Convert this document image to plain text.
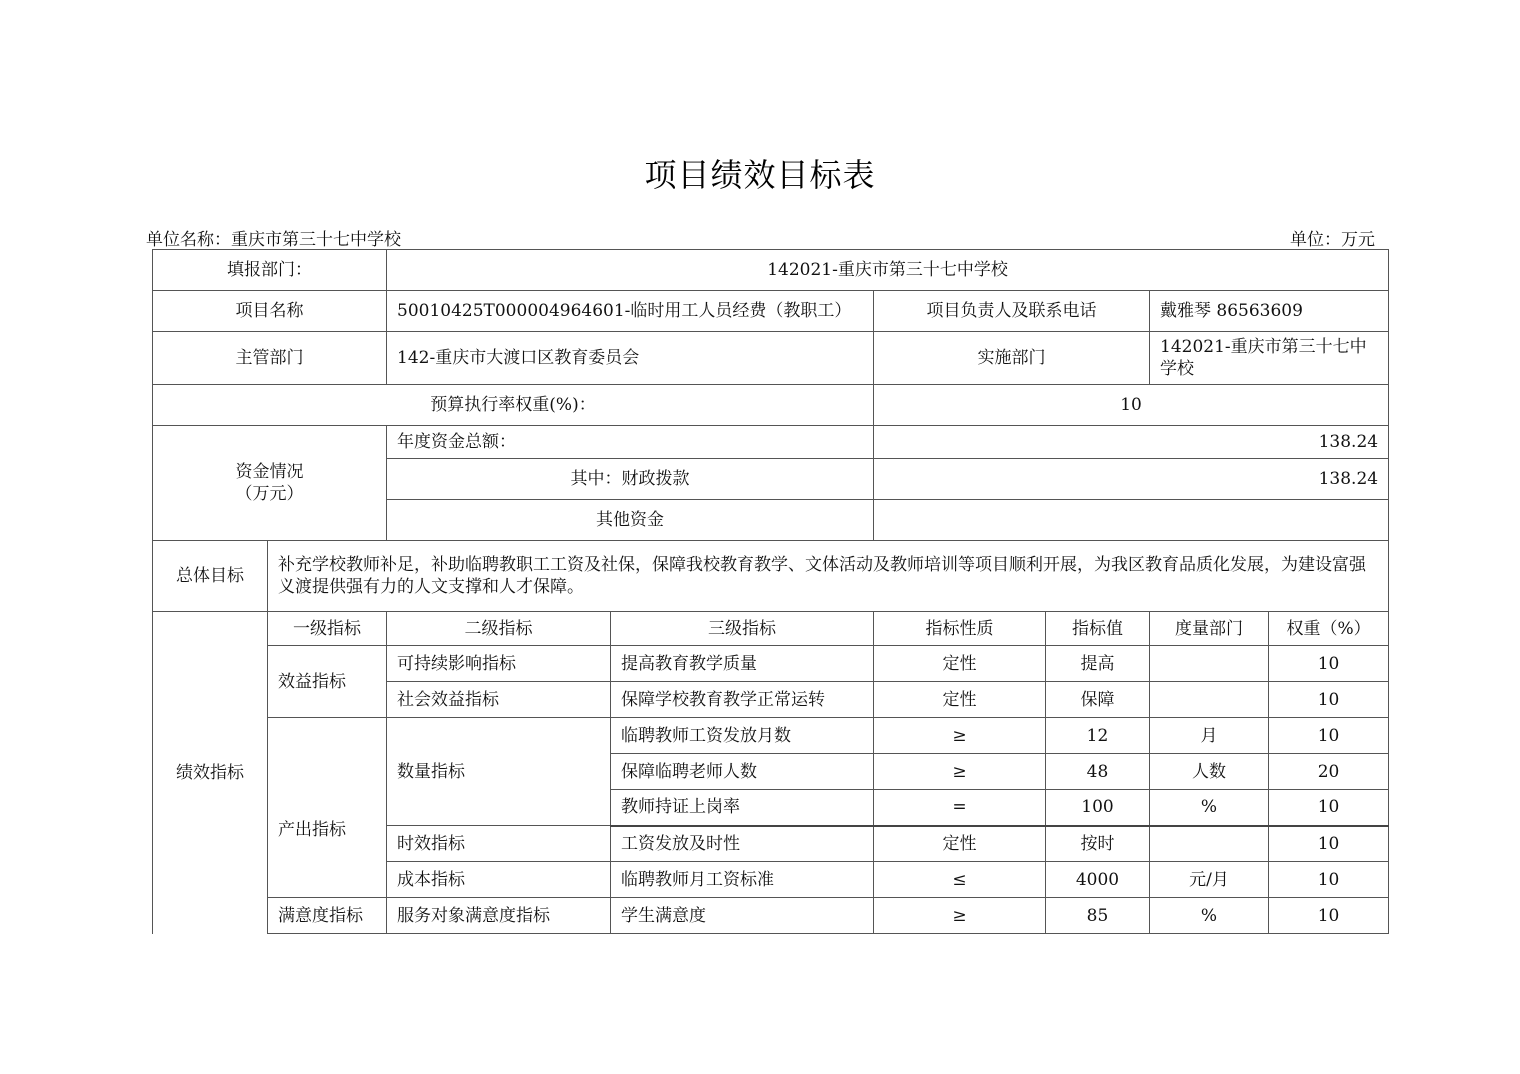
项目绩效目标表
单位名称：重庆市第三十七中学校	单位：万元
填报部门：		142021-重庆市第三十七中学校					
项目名称		50010425T000004964601-临时用工人员经费（教职工）		项目负责人及联系电话		戴雅琴 86563609	
主管部门		142-重庆市大渡口区教育委员会		实施部门		142021-重庆市第三十七中学校	
预算执行率权重(%)：				10			

资金情况
（万元）		年度资金总额：		138.24			
		其中：财政拨款		138.24			
		其他资金					
总体目标	补充学校教师补足，补助临聘教职工工资及社保，保障我校教育教学、文体活动及教师培训等项目顺利开展，为我区教育品质化发展，为建设富强义渡提供强有力的人文支撑和人才保障。						
绩效指标	一级指标	二级指标	三级指标	指标性质	指标值	度量部门	权重（%）
	效益指标	可持续影响指标	提高教育教学质量	定性	提高		10
		社会效益指标	保障学校教育教学正常运转	定性	保障		10

	产出指标	数量指标	临聘教师工资发放月数	≥	12	月	10
			保障临聘老师人数	≥	48	人数	20
			教师持证上岗率	=	100	%	10
		时效指标	工资发放及时性	定性	按时		10
		成本指标	临聘教师月工资标准	≤	4000	元/月	10
	满意度指标	服务对象满意度指标	学生满意度	≥	85	%	10
